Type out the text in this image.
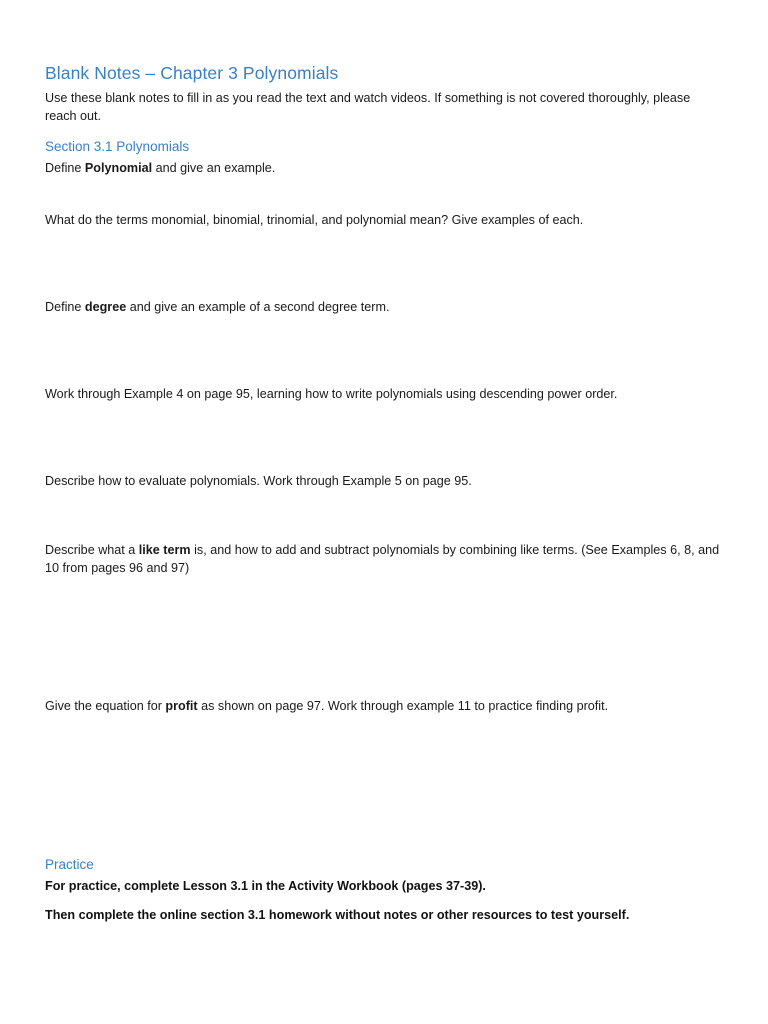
Blank Notes – Chapter 3 Polynomials

Use these blank notes to fill in as you read the text and watch videos. If something is not covered thoroughly, please reach out.

Section 3.1 Polynomials

Define Polynomial and give an example.

What do the terms monomial, binomial, trinomial, and polynomial mean? Give examples of each.

Define degree and give an example of a second degree term.

Work through Example 4 on page 95, learning how to write polynomials using descending power order.

Describe how to evaluate polynomials. Work through Example 5 on page 95.

Describe what a like term is, and how to add and subtract polynomials by combining like terms. (See Examples 6, 8, and 10 from pages 96 and 97)

Give the equation for profit as shown on page 97. Work through example 11 to practice finding profit.

Practice

For practice, complete Lesson 3.1 in the Activity Workbook (pages 37-39).

Then complete the online section 3.1 homework without notes or other resources to test yourself.
